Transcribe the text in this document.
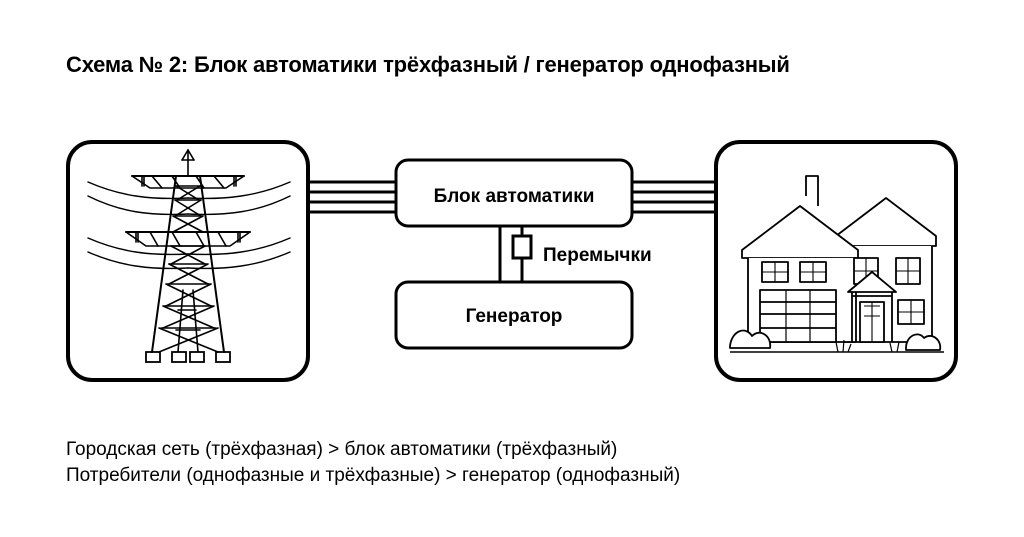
Схема № 2: Блок автоматики трёхфазный / генератор однофазный
Блок автоматики
Генератор
Перемычки
Городская сеть (трёхфазная) > блок автоматики (трёхфазный)
Потребители (однофазные и трёхфазные) > генератор (однофазный)
